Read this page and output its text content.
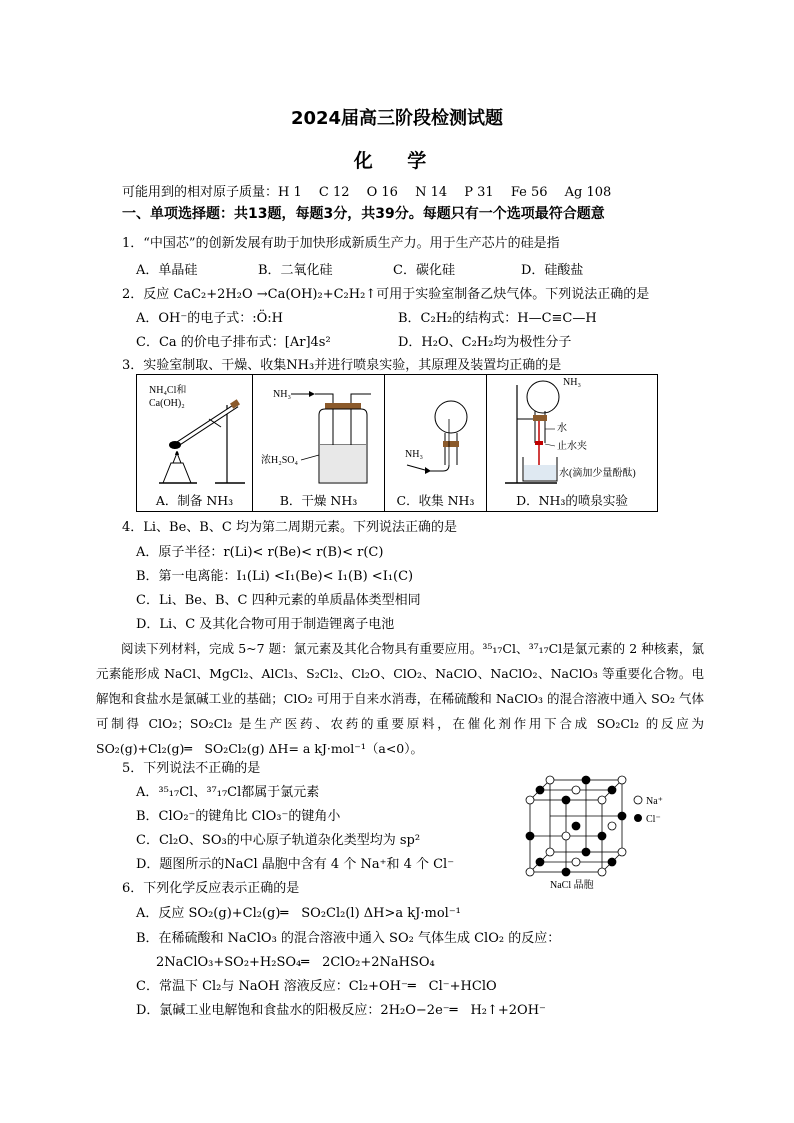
2024届高三阶段检测试题
化 学
可能用到的相对原子质量：H 1　 C 12　 O 16　 N 14　 P 31　 Fe 56　 Ag 108
一、单项选择题：共13题，每题3分，共39分。每题只有一个选项最符合题意
1．“中国芯”的创新发展有助于加快形成新质生产力。用于生产芯片的硅是指
A．单晶硅	B．二氧化硅	C．碳化硅	D．硅酸盐
2．反应 CaC₂+2H₂O →Ca(OH)₂+C₂H₂↑可用于实验室制备乙炔气体。下列说法正确的是
A．OH⁻的电子式：:Ö:H	B．C₂H₂的结构式：H—C≡C—H
C．Ca 的价电子排布式：[Ar]4s²	D．H₂O、C₂H₂均为极性分子
3．实验室制取、干燥、收集NH₃并进行喷泉实验，其原理及装置均正确的是
NH₄Cl和
Ca(OH)₂
A．制备 NH₃
NH₃
浓H₂SO₄
B．干燥 NH₃
NH₃
C．收集 NH₃
NH₃
水
止水夹
水(滴加少量酚酞)
D．NH₃的喷泉实验
4．Li、Be、B、C 均为第二周期元素。下列说法正确的是
A．原子半径：r(Li)< r(Be)< r(B)< r(C)
B．第一电离能：I₁(Li) <I₁(Be)< I₁(B) <I₁(C)
C．Li、Be、B、C 四种元素的单质晶体类型相同
D．Li、C 及其化合物可用于制造锂离子电池

阅读下列材料，完成 5~7 题：氯元素及其化合物具有重要应用。³⁵₁₇Cl、³⁷₁₇Cl是氯元素的 2 种核素，氯元素能形成 NaCl、MgCl₂、AlCl₃、S₂Cl₂、Cl₂O、ClO₂、NaClO、NaClO₂、NaClO₃ 等重要化合物。电解饱和食盐水是氯碱工业的基础；ClO₂ 可用于自来水消毒，在稀硫酸和 NaClO₃ 的混合溶液中通入 SO₂ 气体可制得 ClO₂；SO₂Cl₂ 是生产医药、农药的重要原料，在催化剂作用下合成 SO₂Cl₂ 的反应为 SO₂(g)+Cl₂(g)═　SO₂Cl₂(g) ΔH= a kJ·mol⁻¹（a<0）。

5．下列说法不正确的是
A．³⁵₁₇Cl、³⁷₁₇Cl都属于氯元素
B．ClO₂⁻的键角比 ClO₃⁻的键角小
C．Cl₂O、SO₃的中心原子轨道杂化类型均为 sp²
D．题图所示的NaCl 晶胞中含有 4 个 Na⁺和 4 个 Cl⁻
Na⁺
Cl⁻
NaCl 晶胞
6．下列化学反应表示正确的是
A．反应 SO₂(g)+Cl₂(g)═　SO₂Cl₂(l) ΔH>a kJ·mol⁻¹
B．在稀硫酸和 NaClO₃ 的混合溶液中通入 SO₂ 气体生成 ClO₂ 的反应：
2NaClO₃+SO₂+H₂SO₄═　2ClO₂+2NaHSO₄
C．常温下 Cl₂与 NaOH 溶液反应：Cl₂+OH⁻═　Cl⁻+HClO
D．氯碱工业电解饱和食盐水的阳极反应：2H₂O−2e⁻═　H₂↑+2OH⁻
